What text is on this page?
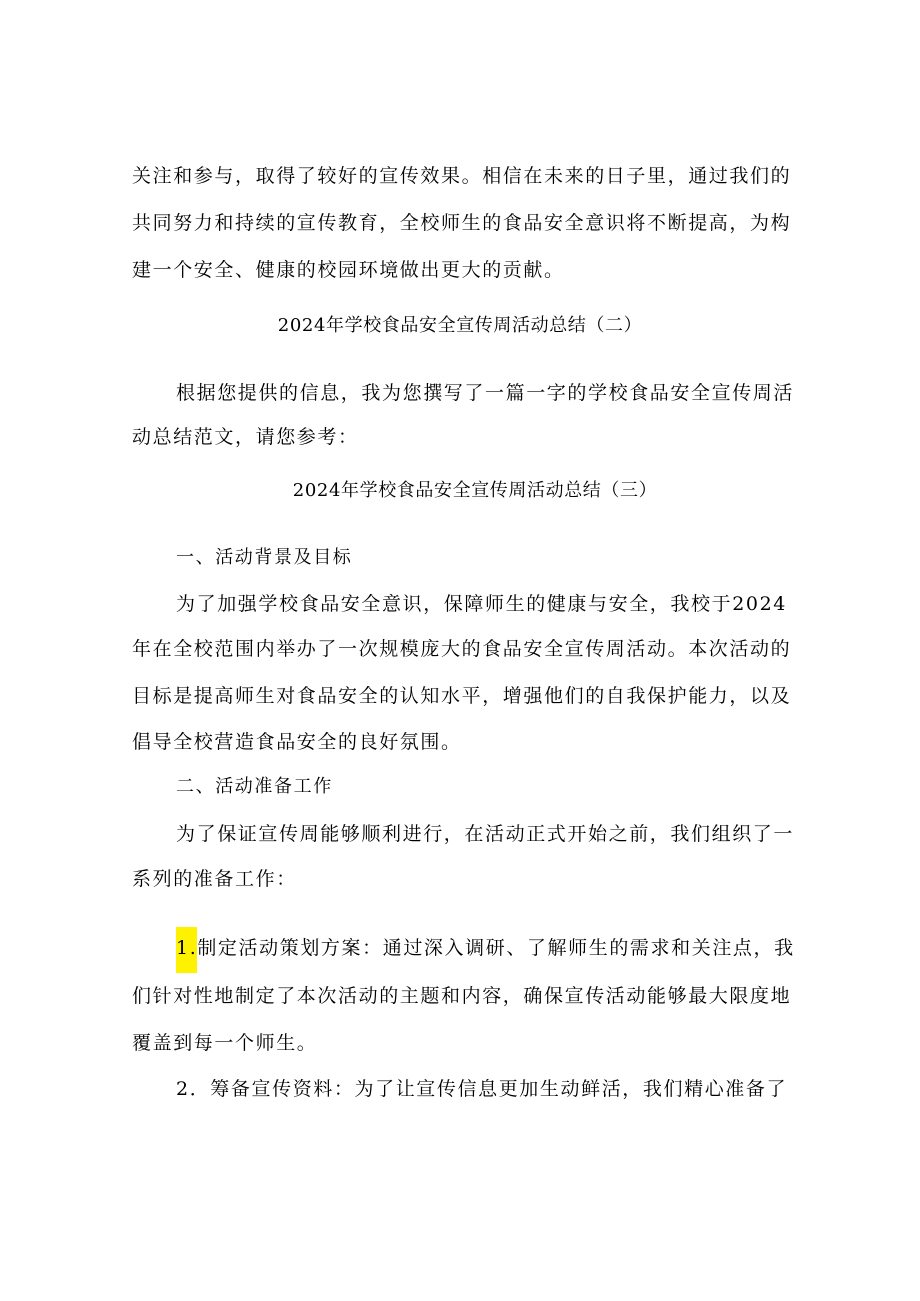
关注和参与，取得了较好的宣传效果。相信在未来的日子里，通过我们的
共同努力和持续的宣传教育，全校师生的食品安全意识将不断提高，为构
建一个安全、健康的校园环境做出更大的贡献。
2024年学校食品安全宣传周活动总结（二）
根据您提供的信息，我为您撰写了一篇一字的学校食品安全宣传周活
动总结范文，请您参考：
2024年学校食品安全宣传周活动总结（三）
一、活动背景及目标
为了加强学校食品安全意识，保障师生的健康与安全，我校于2024
年在全校范围内举办了一次规模庞大的食品安全宣传周活动。本次活动的
目标是提高师生对食品安全的认知水平，增强他们的自我保护能力，以及
倡导全校营造食品安全的良好氛围。
二、活动准备工作
为了保证宣传周能够顺利进行，在活动正式开始之前，我们组织了一
系列的准备工作：
1.制定活动策划方案：通过深入调研、了解师生的需求和关注点，我
们针对性地制定了本次活动的主题和内容，确保宣传活动能够最大限度地
覆盖到每一个师生。
2．筹备宣传资料：为了让宣传信息更加生动鲜活，我们精心准备了
